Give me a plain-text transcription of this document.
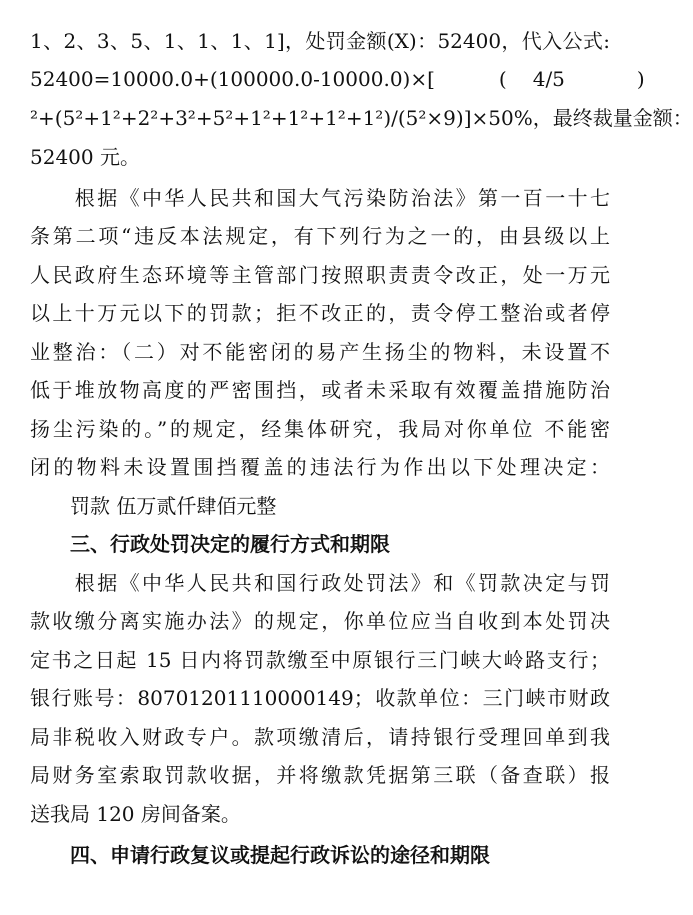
1、2、3、5、1、1、1、1]，处罚金额(X)：52400，代入公式:
52400=10000.0+(100000.0-10000.0)×[	( 4/5	)
²+(5²+1²+2²+3²+5²+1²+1²+1²+1²)/(5²×9)]×50%，最终裁量金额：
52400 元。
　　根据《中华人民共和国大气污染防治法》第一百一十七
条第二项“违反本法规定，有下列行为之一的，由县级以上
人民政府生态环境等主管部门按照职责责令改正，处一万元
以上十万元以下的罚款；拒不改正的，责令停工整治或者停
业整治：（二）对不能密闭的易产生扬尘的物料，未设置不
低于堆放物高度的严密围挡，或者未采取有效覆盖措施防治
扬尘污染的。”的规定，经集体研究，我局对你单位 不能密
闭的物料未设置围挡覆盖的违法行为作出以下处理决定：
　　罚款 伍万贰仟肆佰元整
　　三、行政处罚决定的履行方式和期限
　　根据《中华人民共和国行政处罚法》和《罚款决定与罚
款收缴分离实施办法》的规定，你单位应当自收到本处罚决
定书之日起 15 日内将罚款缴至中原银行三门峡大岭路支行；
银行账号：80701201110000149；收款单位：三门峡市财政
局非税收入财政专户。款项缴清后，请持银行受理回单到我
局财务室索取罚款收据，并将缴款凭据第三联（备查联）报
送我局 120 房间备案。
　　四、申请行政复议或提起行政诉讼的途径和期限
